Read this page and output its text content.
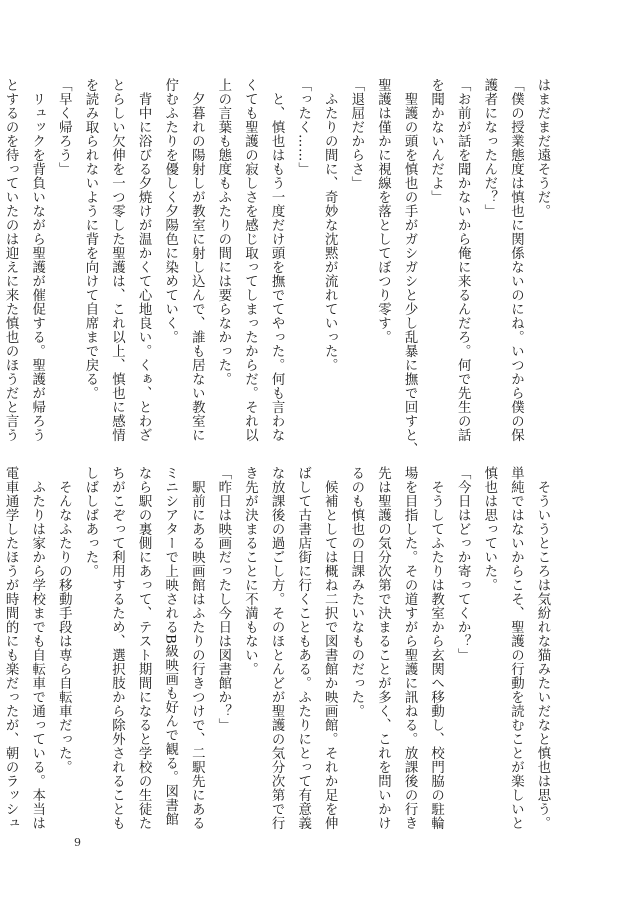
はまだまだ遠そうだ。
「僕の授業態度は慎也に関係ないのにね。いつから僕の保
護者になったんだ？」
「お前が話を聞かないから俺に来るんだろ。何で先生の話
を聞かないんだよ」
　聖護の頭を慎也の手がガシガシと少し乱暴に撫で回すと、
聖護は僅かに視線を落としてぼつり零す。
「退屈だからさ」
　ふたりの間に、奇妙な沈黙が流れていった。
「ったく……」
　と、慎也はもう一度だけ頭を撫でてやった。何も言わな
くても聖護の寂しさを感じ取ってしまったからだ。それ以
上の言葉も態度もふたりの間には要らなかった。
　夕暮れの陽射しが教室に射し込んで、誰も居ない教室に
佇むふたりを優しく夕陽色に染めていく。
　背中に浴びる夕焼けが温かくて心地良い。くぁ、とわざ
とらしい欠伸を一つ零した聖護は、これ以上、慎也に感情
を読み取られないように背を向けて自席まで戻る。
「早く帰ろう」
　リュックを背負いながら聖護が催促する。聖護が帰ろう
とするのを待っていたのは迎えに来た慎也のほうだと言う
　そういうところは気紛れな猫みたいだなと慎也は思う。
単純ではないからこそ、聖護の行動を読むことが楽しいと
慎也は思っていた。
「今日はどっか寄ってくか？」
　そうしてふたりは教室から玄関へ移動し、校門脇の駐輪
場を目指した。その道すがら聖護に訊ねる。放課後の行き
先は聖護の気分次第で決まることが多く、これを問いかけ
るのも慎也の日課みたいなものだった。
　候補としては概ね二択で図書館か映画館。それか足を伸
ばして古書店街に行くこともある。ふたりにとって有意義
な放課後の過ごし方。そのほとんどが聖護の気分次第で行
き先が決まることに不満もない。
「昨日は映画だったし今日は図書館か？」
　駅前にある映画館はふたりの行きつけで、二駅先にある
ミニシアターで上映されるB級映画も好んで観る。図書館
なら駅の裏側にあって、テスト期間になると学校の生徒た
ちがこぞって利用するため、選択肢から除外されることも
しばしばあった。
　そんなふたりの移動手段は専ら自転車だった。
　ふたりは家から学校までも自転車で通っている。本当は
電車通学したほうが時間的にも楽だったが、朝のラッシュ
9
